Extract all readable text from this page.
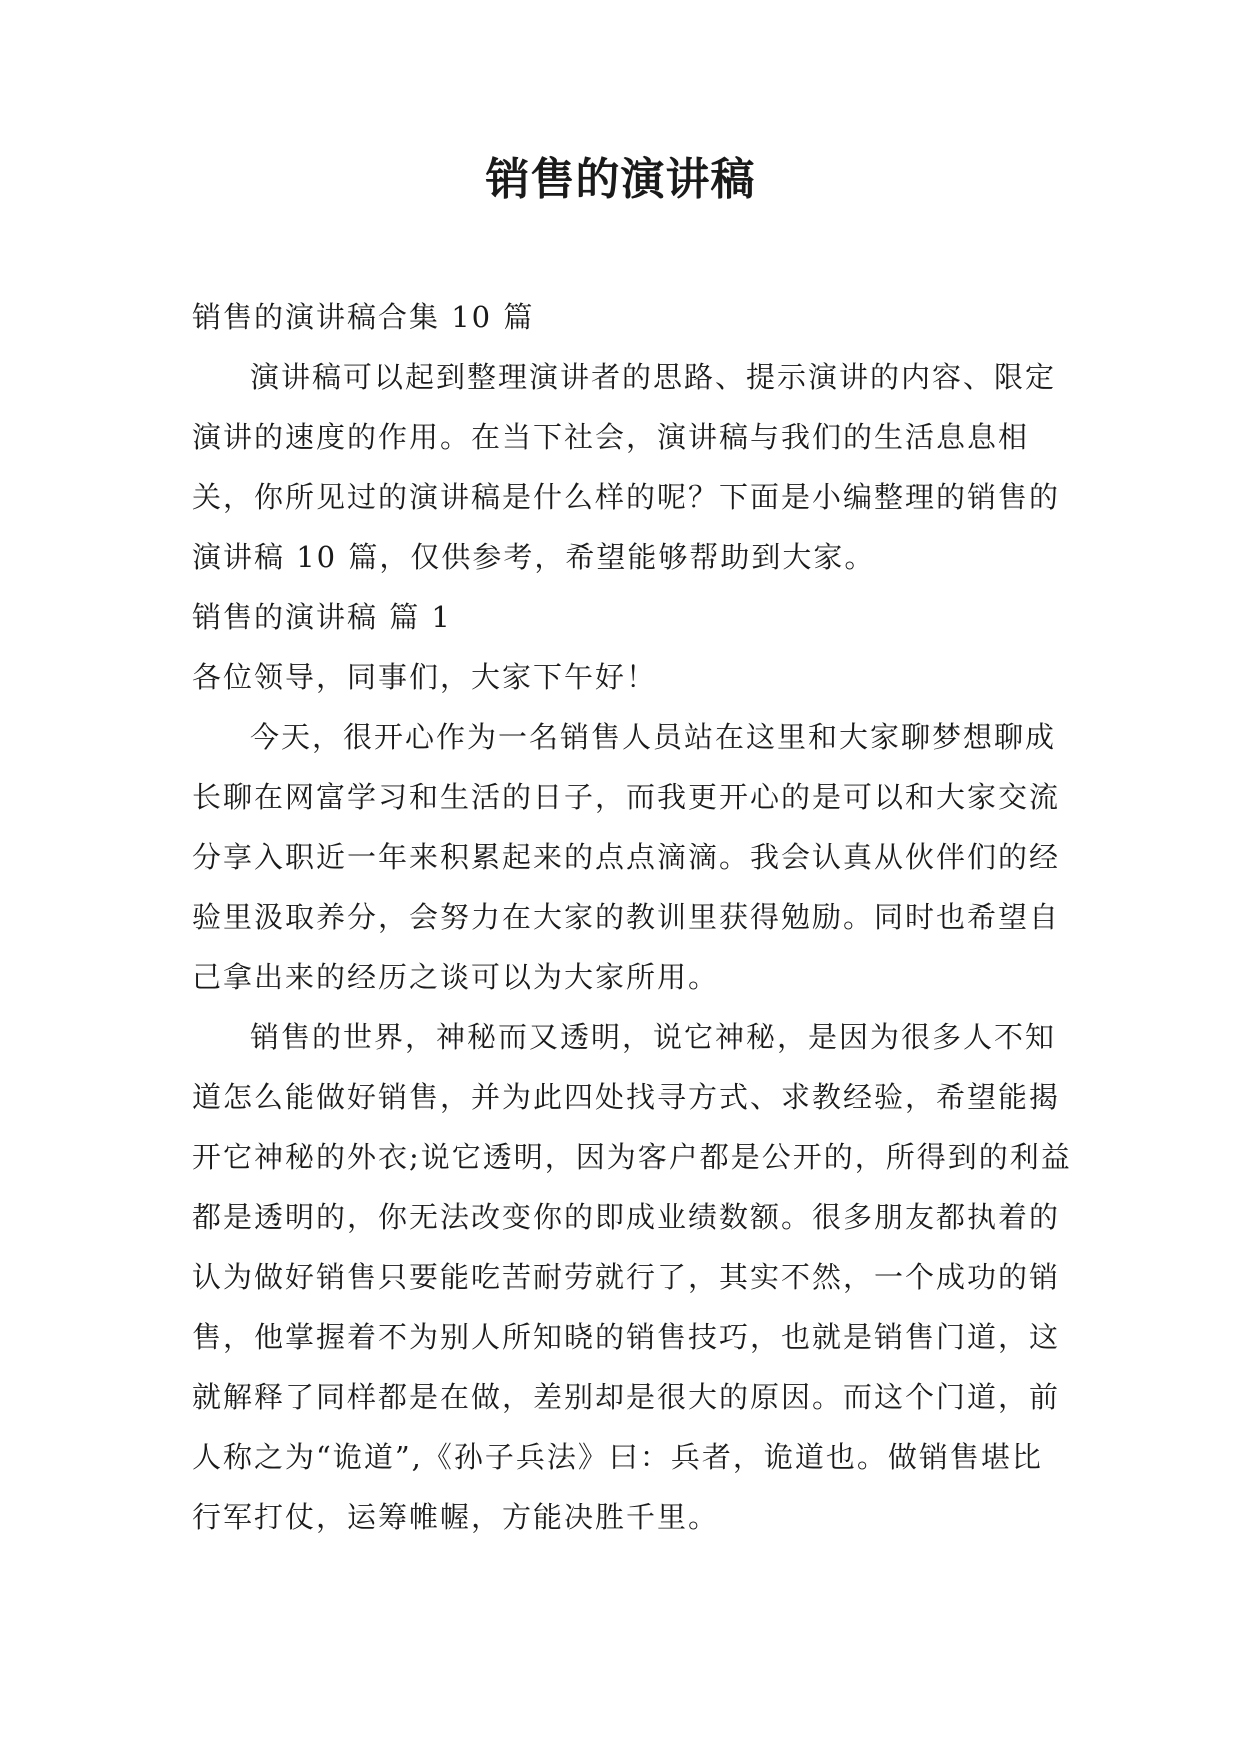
销售的演讲稿

销售的演讲稿合集 10 篇

演讲稿可以起到整理演讲者的思路、提示演讲的内容、限定演讲的速度的作用。在当下社会，演讲稿与我们的生活息息相关，你所见过的演讲稿是什么样的呢？下面是小编整理的销售的演讲稿 10 篇，仅供参考，希望能够帮助到大家。

销售的演讲稿 篇 1

各位领导，同事们，大家下午好！

今天，很开心作为一名销售人员站在这里和大家聊梦想聊成长聊在网富学习和生活的日子，而我更开心的是可以和大家交流分享入职近一年来积累起来的点点滴滴。我会认真从伙伴们的经验里汲取养分，会努力在大家的教训里获得勉励。同时也希望自己拿出来的经历之谈可以为大家所用。

销售的世界，神秘而又透明，说它神秘，是因为很多人不知道怎么能做好销售，并为此四处找寻方式、求教经验，希望能揭开它神秘的外衣;说它透明，因为客户都是公开的，所得到的利益都是透明的，你无法改变你的即成业绩数额。很多朋友都执着的认为做好销售只要能吃苦耐劳就行了，其实不然，一个成功的销售，他掌握着不为别人所知晓的销售技巧，也就是销售门道，这就解释了同样都是在做，差别却是很大的原因。而这个门道，前人称之为“诡道”,《孙子兵法》曰：兵者，诡道也。做销售堪比行军打仗，运筹帷幄，方能决胜千里。
